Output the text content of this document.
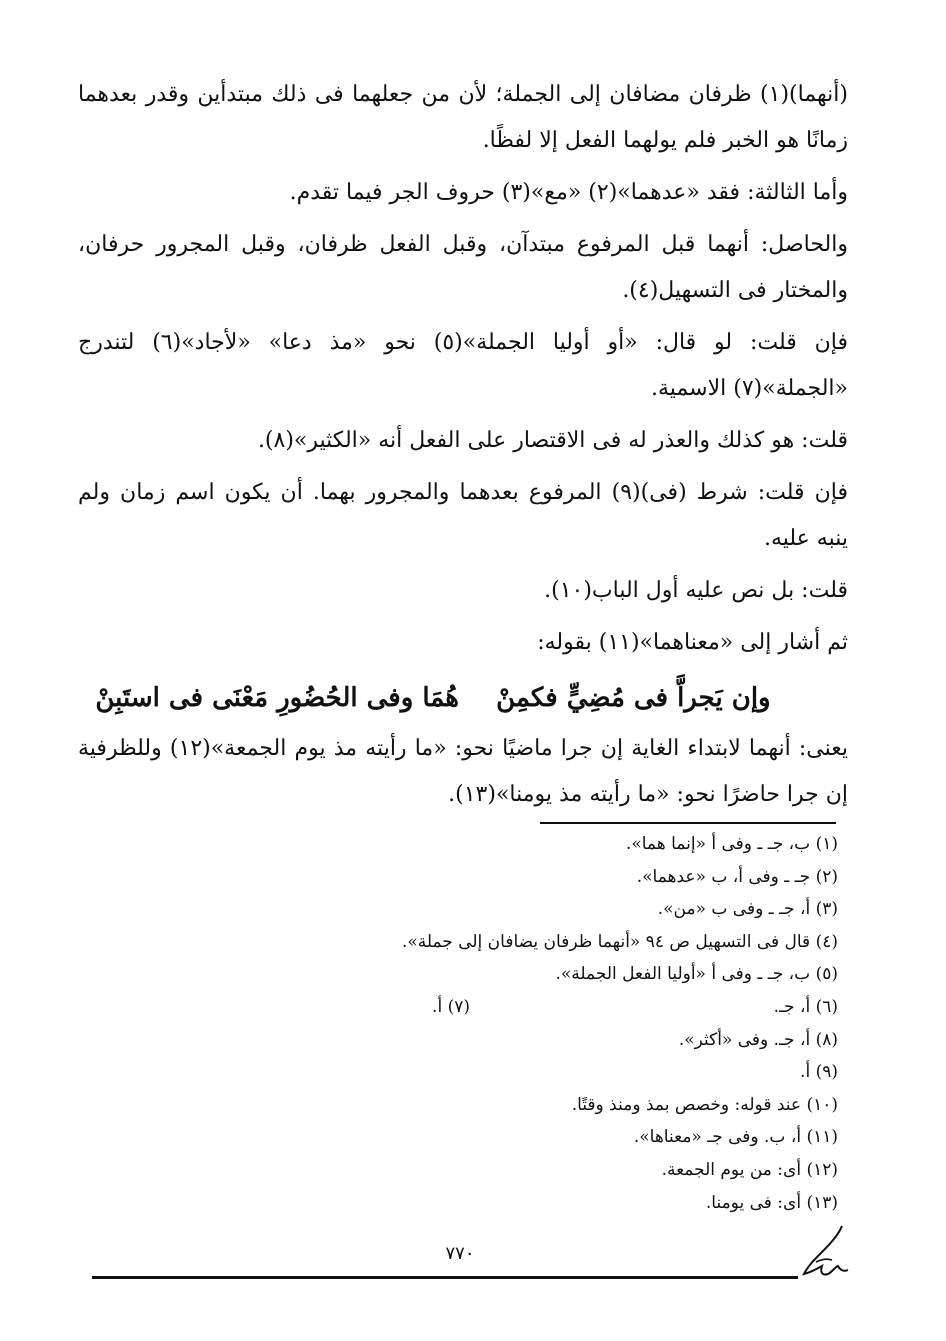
(أنهما)(١) ظرفان مضافان إلى الجملة؛ لأن من جعلهما فى ذلك مبتدأين وقدر بعدهما زمانًا هو الخبر فلم يولهما الفعل إلا لفظًا.

وأما الثالثة: فقد «عدهما»(٢) «مع»(٣) حروف الجر فيما تقدم.

والحاصل: أنهما قبل المرفوع مبتدآن، وقبل الفعل ظرفان، وقبل المجرور حرفان، والمختار فى التسهيل(٤).

فإن قلت: لو قال: «أو أوليا الجملة»(٥) نحو «مذ دعا» «لأجاد»(٦) لتندرج «الجملة»(٧) الاسمية.

قلت: هو كذلك والعذر له فى الاقتصار على الفعل أنه «الكثير»(٨).

فإن قلت: شرط (فى)(٩) المرفوع بعدهما والمجرور بهما. أن يكون اسم زمان ولم ينبه عليه.

قلت: بل نص عليه أول الباب(١٠).

ثم أشار إلى «معناهما»(١١) بقوله:

وإن يَجراَّ فى مُضِيٍّ فكمِنْ هُمَا وفى الحُضُورِ مَعْنَى فى استَبِنْ

يعنى: أنهما لابتداء الغاية إن جرا ماضيًا نحو: «ما رأيته مذ يوم الجمعة»(١٢) وللظرفية إن جرا حاضرًا نحو: «ما رأيته مذ يومنا»(١٣).

(١) ب، جـ ـ وفى أ «إنما هما».
(٢) جـ ـ وفى أ، ب «عدهما».
(٣) أ، جـ ـ وفى ب «من».
(٤) قال فى التسهيل ص ٩٤ «أنهما ظرفان يضافان إلى جملة».
(٥) ب، جـ ـ وفى أ «أوليا الفعل الجملة».
(٦) أ، جـ.
(٧) أ.
(٨) أ، جـ. وفى «أكثر».
(٩) أ.
(١٠) عند قوله: وخصص بمذ ومنذ وقتًا.
(١١) أ، ب. وفى جـ «معناها».
(١٢) أى: من يوم الجمعة.
(١٣) أى: فى يومنا.
٧٧٠
